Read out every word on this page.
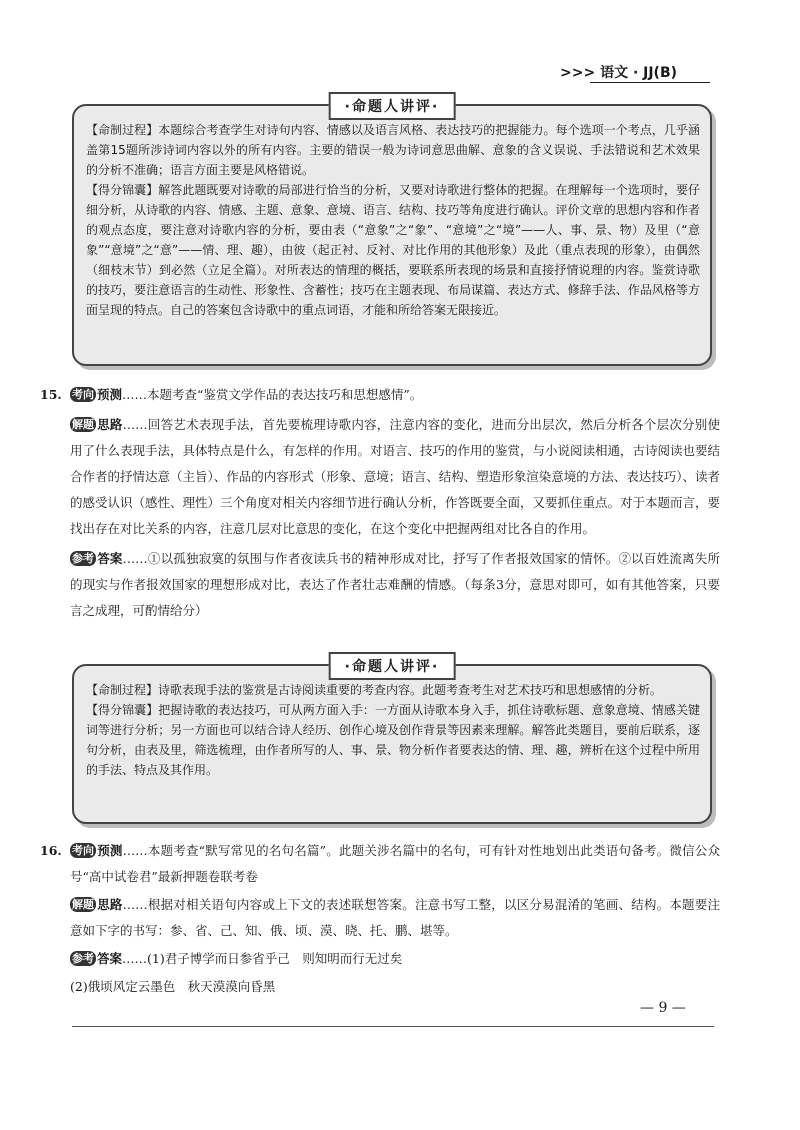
>>> 语文 · JJ(B)
·命题人讲评·

【命制过程】本题综合考查学生对诗句内容、情感以及语言风格、表达技巧的把握能力。每个选项一个考点，几乎涵盖第15题所涉诗词内容以外的所有内容。主要的错误一般为诗词意思曲解、意象的含义误说、手法错说和艺术效果的分析不准确；语言方面主要是风格错说。

【得分锦囊】解答此题既要对诗歌的局部进行恰当的分析，又要对诗歌进行整体的把握。在理解每一个选项时，要仔细分析，从诗歌的内容、情感、主题、意象、意境、语言、结构、技巧等角度进行确认。评价文章的思想内容和作者的观点态度，要注意对诗歌内容的分析，要由表（“意象”之“象”、“意境”之“境”——人、事、景、物）及里（“意象”“意境”之“意”——情、理、趣），由彼（起正衬、反衬、对比作用的其他形象）及此（重点表现的形象），由偶然（细枝末节）到必然（立足全篇）。对所表达的情理的概括，要联系所表现的场景和直接抒情说理的内容。鉴赏诗歌的技巧，要注意语言的生动性、形象性、含蓄性；技巧在主题表现、布局谋篇、表达方式、修辞手法、作品风格等方面呈现的特点。自己的答案包含诗歌中的重点词语，才能和所给答案无限接近。

15. 考向 预测……本题考查“鉴赏文学作品的表达技巧和思想感情”。

解题 思路……回答艺术表现手法，首先要梳理诗歌内容，注意内容的变化，进而分出层次，然后分析各个层次分别使用了什么表现手法，具体特点是什么，有怎样的作用。对语言、技巧的作用的鉴赏，与小说阅读相通，古诗阅读也要结合作者的抒情达意（主旨）、作品的内容形式（形象、意境；语言、结构、塑造形象渲染意境的方法、表达技巧）、读者的感受认识（感性、理性）三个角度对相关内容细节进行确认分析，作答既要全面，又要抓住重点。对于本题而言，要找出存在对比关系的内容，注意几层对比意思的变化，在这个变化中把握两组对比各自的作用。

参考 答案……①以孤独寂寞的氛围与作者夜读兵书的精神形成对比，抒写了作者报效国家的情怀。②以百姓流离失所的现实与作者报效国家的理想形成对比，表达了作者壮志难酬的情感。（每条3分，意思对即可，如有其他答案，只要言之成理，可酌情给分）

·命题人讲评·

【命制过程】诗歌表现手法的鉴赏是古诗阅读重要的考查内容。此题考查考生对艺术技巧和思想感情的分析。

【得分锦囊】把握诗歌的表达技巧，可从两方面入手：一方面从诗歌本身入手，抓住诗歌标题、意象意境、情感关键词等进行分析；另一方面也可以结合诗人经历、创作心境及创作背景等因素来理解。解答此类题目，要前后联系，逐句分析，由表及里，筛选梳理，由作者所写的人、事、景、物分析作者要表达的情、理、趣，辨析在这个过程中所用的手法、特点及其作用。

16. 考向 预测……本题考查“默写常见的名句名篇”。此题关涉名篇中的名句，可有针对性地划出此类语句备考。微信公众号“高中试卷君”最新押题卷联考卷

解题 思路……根据对相关语句内容或上下文的表述联想答案。注意书写工整，以区分易混淆的笔画、结构。本题要注意如下字的书写：参、省、己、知、俄、顷、漠、晓、托、鹏、堪等。

参考 答案……(1)君子博学而日参省乎己　则知明而行无过矣

(2)俄顷风定云墨色　秋天漠漠向昏黑

— 9 —
